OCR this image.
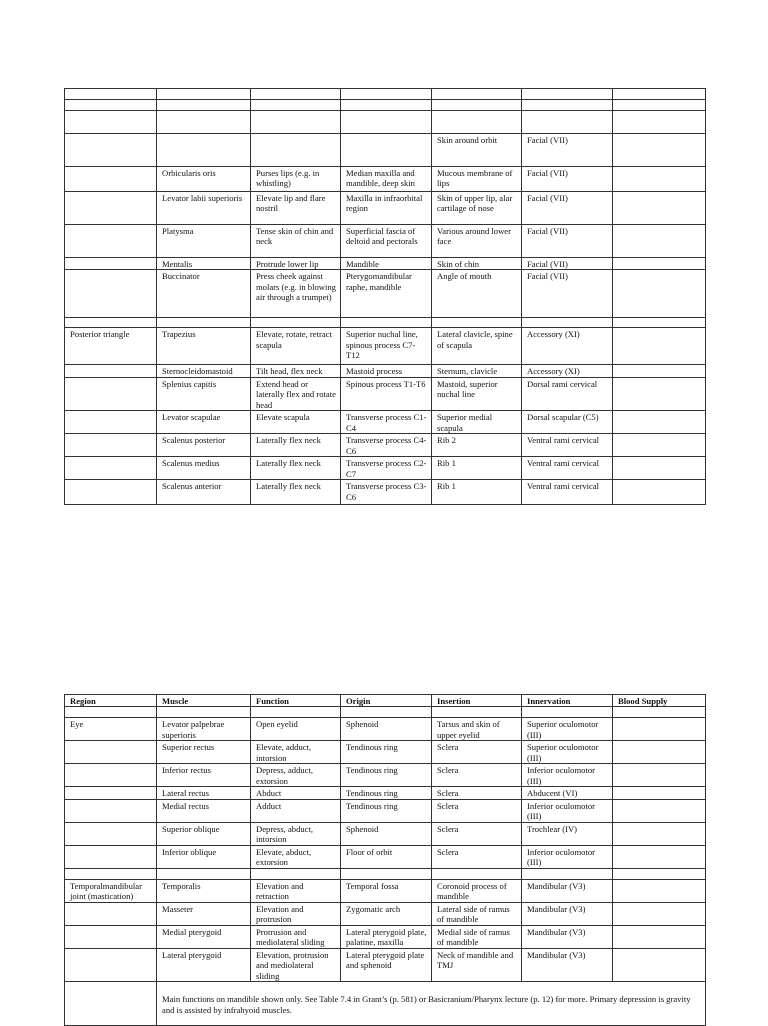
				Skin around orbit	Facial (VII)	
	Orbicularis oris	Purses lips (e.g. in whistling)	Median maxilla and mandible, deep skin	Mucous membrane of lips	Facial (VII)	
	Levator labii superioris	Elevate lip and flare nostril	Maxilla in infraorbital region	Skin of upper lip, alar cartilage of nose	Facial (VII)	
	Platysma	Tense skin of chin and neck	Superficial fascia of deltoid and pectorals	Various around lower face	Facial (VII)	
	Mentalis	Protrude lower lip	Mandible	Skin of chin	Facial (VII)	
	Buccinator	Press cheek against molars (e.g. in blowing air through a trumpet)	Pterygomandibular raphe, mandible	Angle of mouth	Facial (VII)	

Posterior triangle	Trapezius	Elevate, rotate, retract scapula	Superior nuchal line, spinous process C7-T12	Lateral clavicle, spine of scapula	Accessory (XI)	
	Sternocleidomastoid	Tilt head, flex neck	Mastoid process	Sternum, clavicle	Accessory (XI)	
	Splenius capitis	Extend head or laterally flex and rotate head	Spinous process T1-T6	Mastoid, superior nuchal line	Dorsal rami cervical	
	Levator scapulae	Elevate scapula	Transverse process C1-C4	Superior medial scapula	Dorsal scapular (C5)	
	Scalenus posterior	Laterally flex neck	Transverse process C4-C6	Rib 2	Ventral rami cervical	
	Scalenus medius	Laterally flex neck	Transverse process C2-C7	Rib 1	Ventral rami cervical	
	Scalenus anterior	Laterally flex neck	Transverse process C3-C6	Rib 1	Ventral rami cervical	
Region	Muscle	Function	Origin	Insertion	Innervation	Blood Supply

Eye	Levator palpebrae superioris	Open eyelid	Sphenoid	Tarsus and skin of upper eyelid	Superior oculomotor (III)	
	Superior rectus	Elevate, adduct, intorsion	Tendinous ring	Sclera	Superior oculomotor (III)	
	Inferior rectus	Depress, adduct, extorsion	Tendinous ring	Sclera	Inferior oculomotor (III)	
	Lateral rectus	Abduct	Tendinous ring	Sclera	Abducent (VI)	
	Medial rectus	Adduct	Tendinous ring	Sclera	Inferior oculomotor (III)	
	Superior oblique	Depress, abduct, intorsion	Sphenoid	Sclera	Trochlear (IV)	
	Inferior oblique	Elevate, abduct, extorsion	Floor of orbit	Sclera	Inferior oculomotor (III)	

Temporalmandibular joint (mastication)	Temporalis	Elevation and retraction	Temporal fossa	Coronoid process of mandible	Mandibular (V3)	
	Masseter	Elevation and protrusion	Zygomatic arch	Lateral side of ramus of mandible	Mandibular (V3)	
	Medial pterygoid	Protrusion and mediolateral sliding	Lateral pterygoid plate, palatine, maxilla	Medial side of ramus of mandible	Mandibular (V3)	
	Lateral pterygoid	Elevation, protrusion and mediolateral sliding	Lateral pterygoid plate and sphenoid	Neck of mandible and TMJ	Mandibular (V3)	
	Main functions on mandible shown only. See Table 7.4 in Grant’s (p. 581) or Basicranium/Pharynx lecture (p. 12) for more. Primary depression is gravity and is assisted by infrahyoid muscles.					
